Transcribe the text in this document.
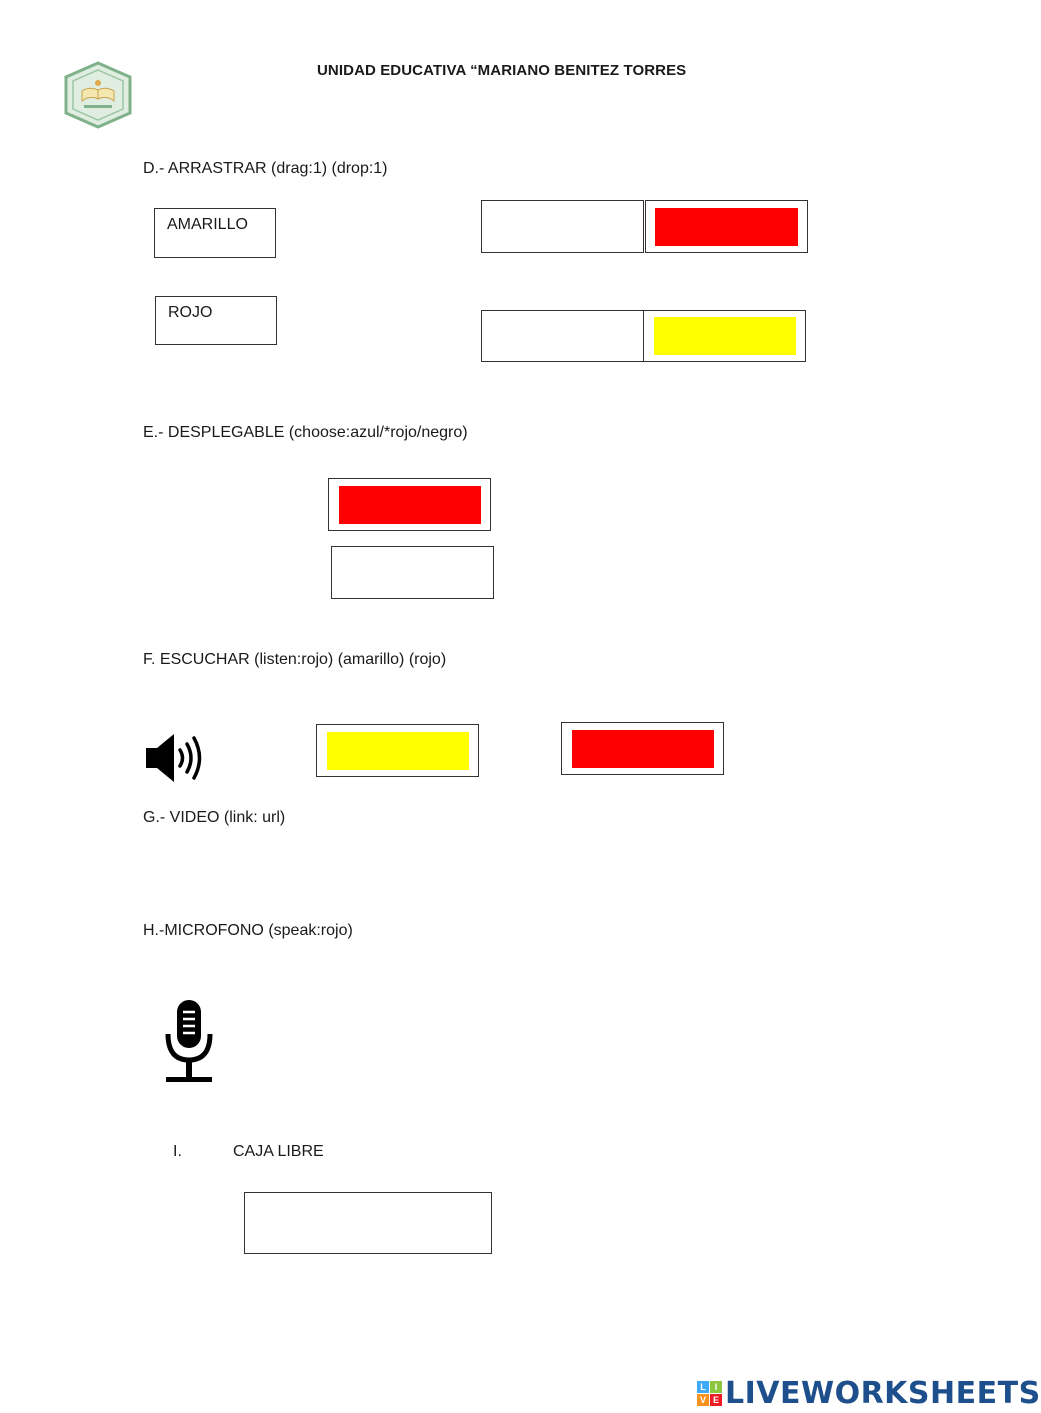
UNIDAD EDUCATIVA “MARIANO BENITEZ TORRES
D.- ARRASTRAR (drag:1) (drop:1)
AMARILLO
ROJO
E.- DESPLEGABLE (choose:azul/*rojo/negro)
F. ESCUCHAR (listen:rojo) (amarillo) (rojo)
G.- VIDEO (link: url)
H.-MICROFONO (speak:rojo)
I.	CAJA LIBRE
L I
V E LIVEWORKSHEETS
